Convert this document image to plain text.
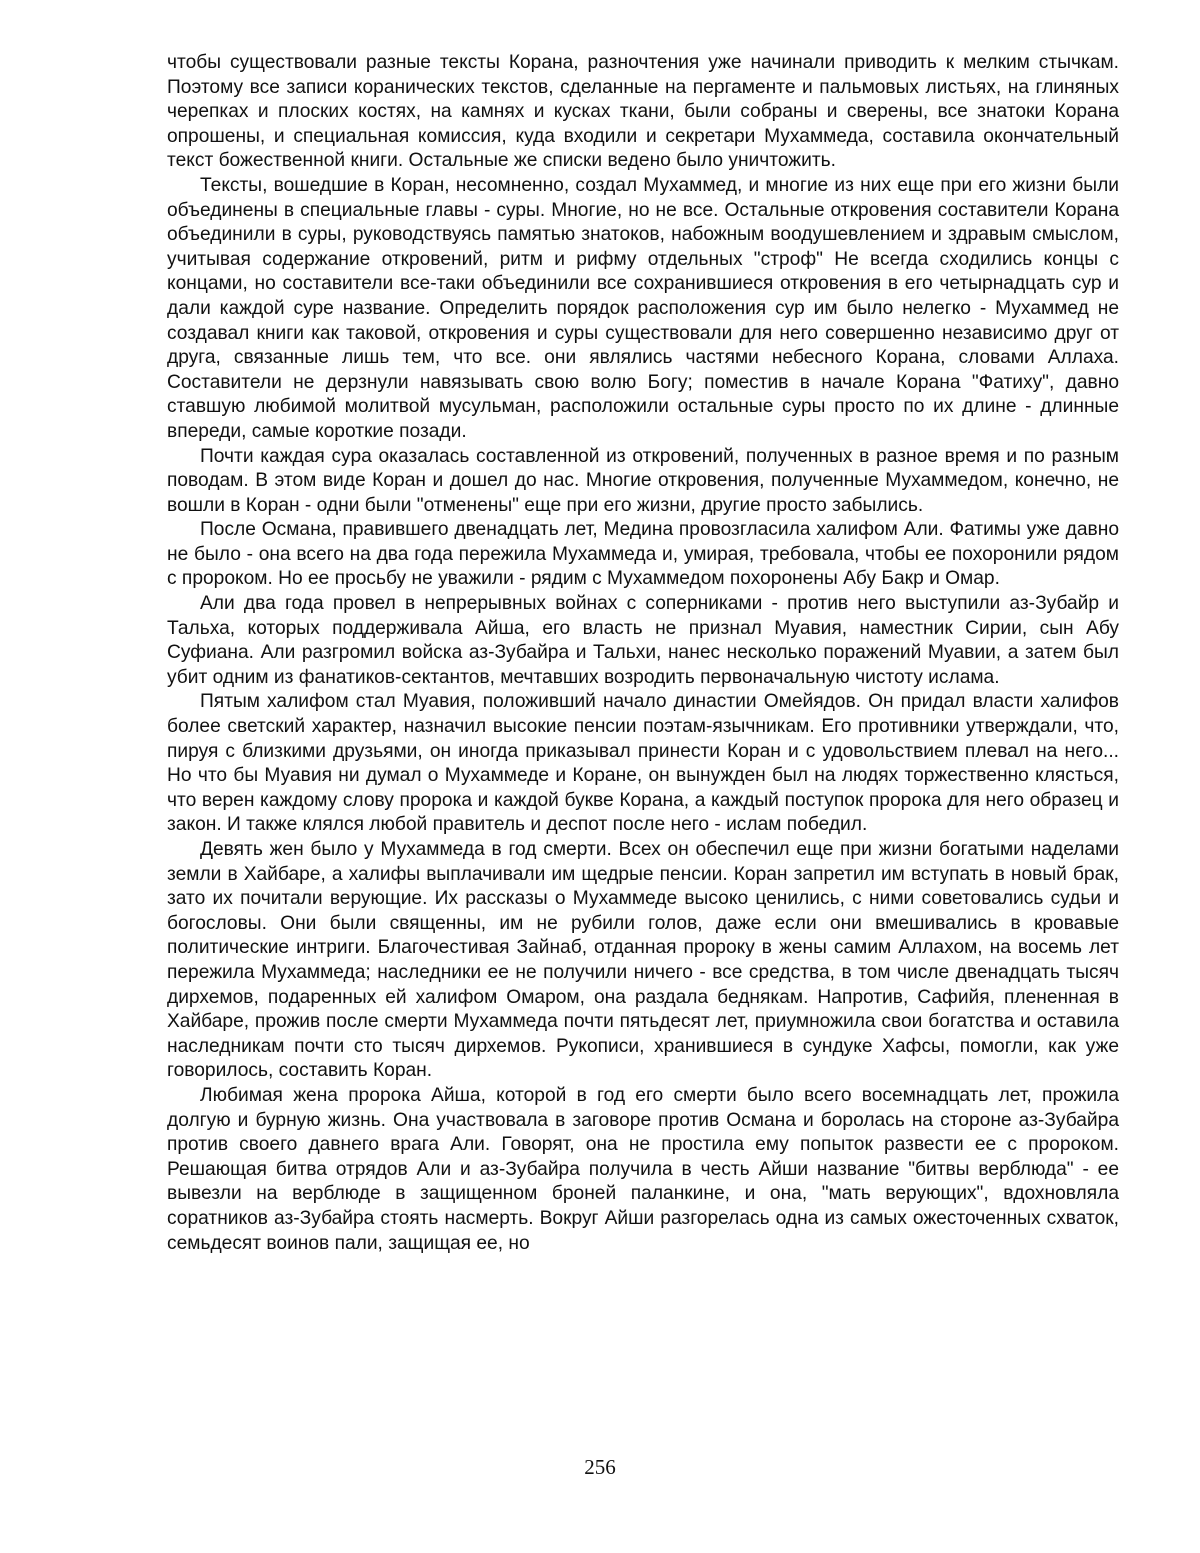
чтобы существовали разные тексты Корана, разночтения уже начинали приводить к мелким стычкам. Поэтому все записи коранических текстов, сделанные на пергаменте и пальмовых листьях, на глиняных черепках и плоских костях, на камнях и кусках ткани, были собраны и сверены, все знатоки Корана опрошены, и специальная комиссия, куда входили и секретари Мухаммеда, составила окончательный текст божественной книги. Остальные же списки ведено было уничтожить.

Тексты, вошедшие в Коран, несомненно, создал Мухаммед, и многие из них еще при его жизни были объединены в специальные главы - суры. Многие, но не все. Остальные откровения составители Корана объединили в суры, руководствуясь памятью знатоков, набожным воодушевлением и здравым смыслом, учитывая содержание откровений, ритм и рифму отдельных "строф" Не всегда сходились концы с концами, но составители все-таки объединили все сохранившиеся откровения в его четырнадцать сур и дали каждой суре название. Определить порядок расположения сур им было нелегко - Мухаммед не создавал книги как таковой, откровения и суры существовали для него совершенно независимо друг от друга, связанные лишь тем, что все. они являлись частями небесного Корана, словами Аллаха. Составители не дерзнули навязывать свою волю Богу; поместив в начале Корана "Фатиху", давно ставшую любимой молитвой мусульман, расположили остальные суры просто по их длине - длинные впереди, самые короткие позади.

Почти каждая сура оказалась составленной из откровений, полученных в разное время и по разным поводам. В этом виде Коран и дошел до нас. Многие откровения, полученные Мухаммедом, конечно, не вошли в Коран - одни были "отменены" еще при его жизни, другие просто забылись.

После Османа, правившего двенадцать лет, Медина провозгласила халифом Али. Фатимы уже давно не было - она всего на два года пережила Мухаммеда и, умирая, требовала, чтобы ее похоронили рядом с пророком. Но ее просьбу не уважили - рядим с Мухаммедом похоронены Абу Бакр и Омар.

Али два года провел в непрерывных войнах с соперниками - против него выступили аз-Зубайр и Тальха, которых поддерживала Айша, его власть не признал Муавия, наместник Сирии, сын Абу Суфиана. Али разгромил войска аз-Зубайра и Тальхи, нанес несколько поражений Муавии, а затем был убит одним из фанатиков-сектантов, мечтавших возродить первоначальную чистоту ислама.

Пятым халифом стал Муавия, положивший начало династии Омейядов. Он придал власти халифов более светский характер, назначил высокие пенсии поэтам-язычникам. Его противники утверждали, что, пируя с близкими друзьями, он иногда приказывал принести Коран и с удовольствием плевал на него... Но что бы Муавия ни думал о Мухаммеде и Коране, он вынужден был на людях торжественно клясться, что верен каждому слову пророка и каждой букве Корана, а каждый поступок пророка для него образец и закон. И также клялся любой правитель и деспот после него - ислам победил.

Девять жен было у Мухаммеда в год смерти. Всех он обеспечил еще при жизни богатыми наделами земли в Хайбаре, а халифы выплачивали им щедрые пенсии. Коран запретил им вступать в новый брак, зато их почитали верующие. Их рассказы о Мухаммеде высоко ценились, с ними советовались судьи и богословы. Они были священны, им не рубили голов, даже если они вмешивались в кровавые политические интриги. Благочестивая Зайнаб, отданная пророку в жены самим Аллахом, на восемь лет пережила Мухаммеда; наследники ее не получили ничего - все средства, в том числе двенадцать тысяч дирхемов, подаренных ей халифом Омаром, она раздала беднякам. Напротив, Сафийя, плененная в Хайбаре, прожив после смерти Мухаммеда почти пятьдесят лет, приумножила свои богатства и оставила наследникам почти сто тысяч дирхемов. Рукописи, хранившиеся в сундуке Хафсы, помогли, как уже говорилось, составить Коран.

Любимая жена пророка Айша, которой в год его смерти было всего восемнадцать лет, прожила долгую и бурную жизнь. Она участвовала в заговоре против Османа и боролась на стороне аз-Зубайра против своего давнего врага Али. Говорят, она не простила ему попыток развести ее с пророком. Решающая битва отрядов Али и аз-Зубайра получила в честь Айши название "битвы верблюда" - ее вывезли на верблюде в защищенном броней паланкине, и она, "мать верующих", вдохновляла соратников аз-Зубайра стоять насмерть. Вокруг Айши разгорелась одна из самых ожесточенных схваток, семьдесят воинов пали, защищая ее, но

256
